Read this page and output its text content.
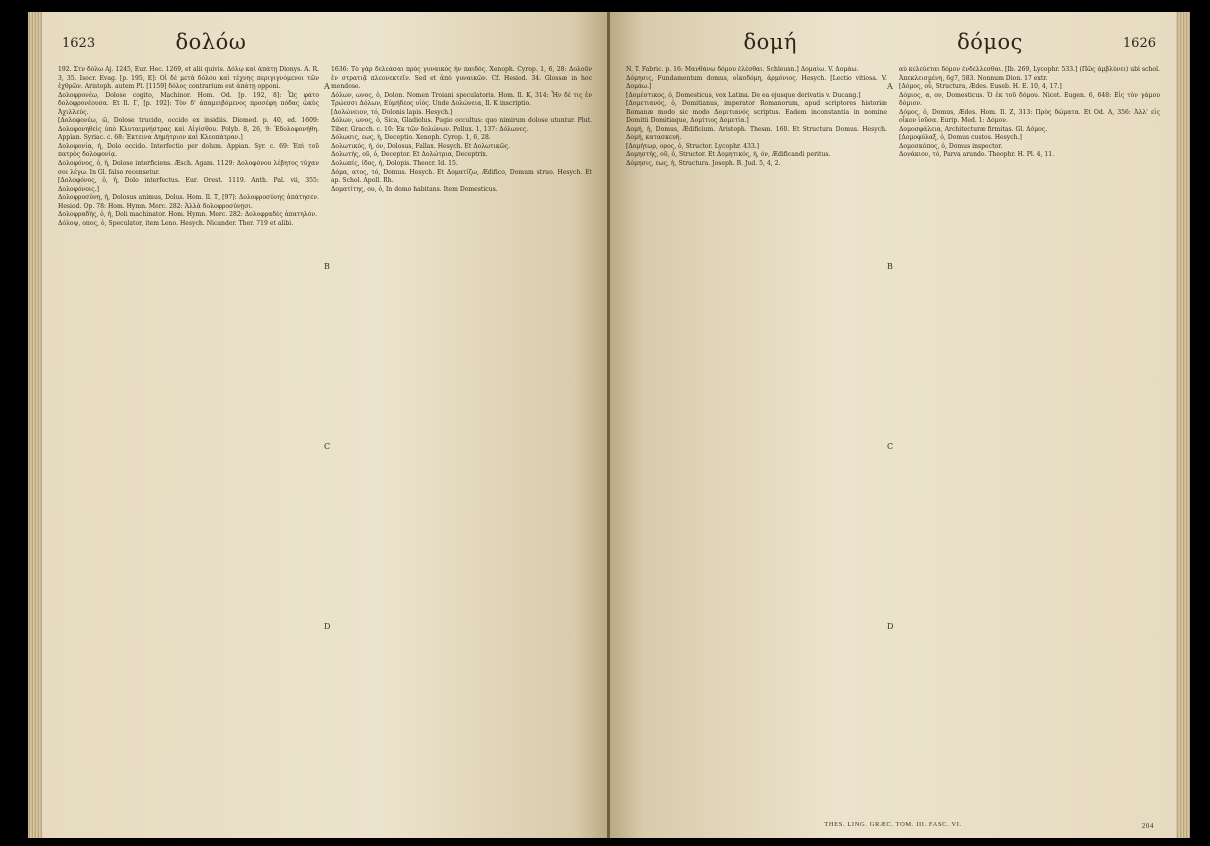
1623	δολόω

192. Στν δόλω Aj. 1245, Eur. Hec. 1269, et alii quivis. Δόλῳ καὶ ἀπάτῃ Dionys. A. R. 3, 35. Isocr. Evag. [p. 195, E]: Οἱ δὲ μετὰ δόλου καὶ τέχνης περιγιγνόμενοι τῶν ἐχθρῶν. Aristoph. autem Pl. [1159] δόλος contrarium est ἀπάτῃ opponi.

Δολοφρονέω, Dolose cogito, Machinor. Hom. Od. [p. 192, 8]: Ὧς φάτο δολοφρονέουσα. Et Il. Γ, [p. 192]: Τὸν δ' ἀπαμειβόμενος προσέφη πόδας ὠκὺς Ἀχιλλεύς.

[Δολοφονέω, ῶ, Dolose trucido, occido ex insidiis. Diomed. p. 40, ed. 1609: Δολοφονηθεὶς ὑπὸ Κλυταιμνήστρας καὶ Αἰγίσθου. Polyb. 8, 26, 9: Ἐδολοφονήθη. Appian. Syriac. c. 68: Ἐκτεινα Δημήτριον καὶ Κλεοπάτραν.]

Δολοφονία, ἡ, Dolo occido. Interfectio per dolum. Appian. Syr. c. 69: Ἐπὶ τοῦ πατρὸς δολοφονίᾳ.

Δολοφόνος, ὁ, ἡ, Dolose interficiens. Æsch. Agam. 1129: Δολοφόνου λέβητος τύχαν σοι λέγω. In Gl. falso recensetur.

[Δολοφόνος, ὁ, ἡ, Dolo interfectus. Eur. Orest. 1119. Anth. Pal. vii, 355: Δολοφόνοις.]

Δολοφροσύνη, ἡ, Dolosus animus, Dolus. Hom. Il. Τ, [97]: Δολοφροσύνης ἀπάτησεν. Hesiod. Op. 78: Hom. Hymn. Merc. 282: Ἀλλὰ δολοφροσύνῃσι.

Δολοφραδής, ὁ, ἡ, Doli machinator. Hom. Hymn. Merc. 282: Δολοφραδὲς ἀπατηλόν.

Δόλοψ, οπος, ὁ, Speculator, item Leno. Hesych. Nicander. Ther. 719 et alibi.

1636: Τὸ γὰρ δελεάσαι πρὸς γυναικὸς ἦν παιδός. Xenoph. Cyrop. 1, 6, 28: Δολοῦν ἐν στρατιᾷ πλεονεκτεῖν. Sed et ἀπὸ γυναικῶν. Cf. Hesiod. 34. Glossæ in hoc mendose.

Δόλων, ωνος, ὁ, Dolon. Nomen Troiani speculatoris. Hom. Il. Κ, 314: Ἦν δέ τις ἐν Τρώεσσι Δόλων, Εὐμήδεος υἱός. Unde Δολώνεια, Il. Κ inscriptio.

[Δολώνειον, τό, Dolonis lapis. Hesych.]

Δόλων, ωνος, ὁ, Sica, Gladiolus. Pugio occultus: quo nimirum dolose utuntur. Plut. Tiber. Gracch. c. 10: Ἐκ τῶν δολώνων. Pollux. 1, 137: Δόλωνες.

Δόλωσις, εως, ἡ, Deceptio. Xenoph. Cyrop. 1, 6, 28.

Δολωτικός, ή, όν, Dolosus, Fallax. Hesych. Et Δολωτικῶς.

Δολωτής, οῦ, ὁ, Deceptor. Et Δολώτρια, Deceptrix.

Δολωπίς, ίδος, ἡ, Dolopis. Theocr. Id. 15.

Δόμα, ατος, τό, Domus. Hesych. Et Δοματίζω, Ædifico, Domum struo. Hesych. Et ap. Schol. Apoll. Rh.

Δοματίτης, ου, ὁ, In domo habitans. Item Domesticus.

A
B
C
D
δομή	δόμος	1626

N. T. Fabric. p. 16: Μανθάνω δόμου ἑλέσθαι. Schleusn.] Δομαίω. V. Δομάω.

Δόμησις, Fundamentum domus, οἰκοδόμη, ἀρμόνιος. Hesych. [Lectio vitiosa. V. Δομάω.]

[Δομέστικος, ὁ, Domesticus, vox Latina. De ea ejusque derivatis v. Ducang.]

[Δομετιανός, ὁ, Domitianus, imperator Romanorum, apud scriptores historiæ Romanæ modo sic modo Δομιτιανός scriptus. Eadem inconstantia in nomine Domitii Domitiaque, Δομίτιος Δομετία.]

Δομή, ἡ, Domus, Ædificium. Aristoph. Thesm. 160. Et Structura Domus. Hesych. Δομή, κατασκευή.

[Δομήτωρ, ορος, ὁ, Structor. Lycophr. 433.]

Δομηστής, οῦ, ὁ, Structor. Et Δομητικός, ή, όν, Ædificandi peritus.

Δόμησις, εως, ἡ, Structura. Joseph. B. Jud. 5, 4, 2.

αὐ κελεύεται δόμον ἐνδέλλεσθαι. [Ib. 269, Lycophr. 533.] (Πῶς ἀμβλύνει) ubi schol. Ἀπεκλεισμένη, 6g7, 583. Nonnum Dion. 17 extr.

[Δόμος, οὗ, Structura, Ædes. Euseb. H. E. 10, 4, 17.]

Δόμιος, α, ον, Domesticus. Ὁ ἐκ τοῦ δόμου. Nicet. Eugen. 6, 648: Εἰς τὸν γάμου δόμιον.

Δόμος, ὁ, Domus, Ædes. Hom. Il. Ζ, 313: Πρὸς δώματα. Et Od. Α, 356: Ἀλλ' εἰς οἶκον ἰοῦσα. Eurip. Med. 1: Δόμον.

Δομοσφάλεια, Architecturæ firmitas. Gl. Δόμος.

[Δομοφύλαξ, ὁ, Domus custos. Hesych.]

Δομοσκόπος, ὁ, Domus inspector.

Δονάκιον, τό, Parva arundo. Theophr. H. Pl. 4, 11.

A
B
C
D
THES. LING. GRÆC. TOM. III. FASC. VI.	204
